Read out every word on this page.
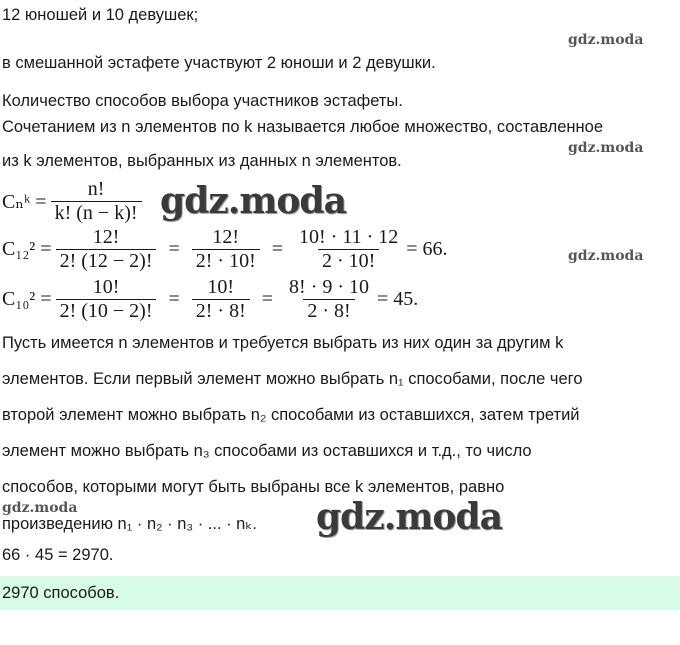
12 юношей и 10 девушек;
gdz.moda
в смешанной эстафете участвуют 2 юноши и 2 девушки.
Количество способов выбора участников эстафеты.
Сочетанием из n элементов по k называется любое множество, составленное
gdz.moda
из k элементов, выбранных из данных n элементов.
Cₙᵏ = $\frac{n!}{k! (n - k)!}$ gdz.moda
$C_{12}^2 = \frac{12!}{2! (12 - 2)!} = \frac{12!}{2! \cdot 10!} = \frac{10! \cdot 11 \cdot 12}{2 \cdot 10!} = 66$.	gdz.moda
$C_{10}^2 = \frac{10!}{2! (10 - 2)!} = \frac{10!}{2! \cdot 8!} = \frac{8! \cdot 9 \cdot 10}{2 \cdot 8!} = 45$.
Пусть имеется n элементов и требуется выбрать из них один за другим k
элементов. Если первый элемент можно выбрать n₁ способами, после чего
второй элемент можно выбрать n₂ способами из оставшихся, затем третий
элемент можно выбрать n₃ способами из оставшихся и т.д., то число
способов, которыми могут быть выбраны все k элементов, равно
gdz.moda
произведению n₁ · n₂ · n₃ · ... · nₖ. gdz.moda
66 · 45 = 2970.
2970 способов.
